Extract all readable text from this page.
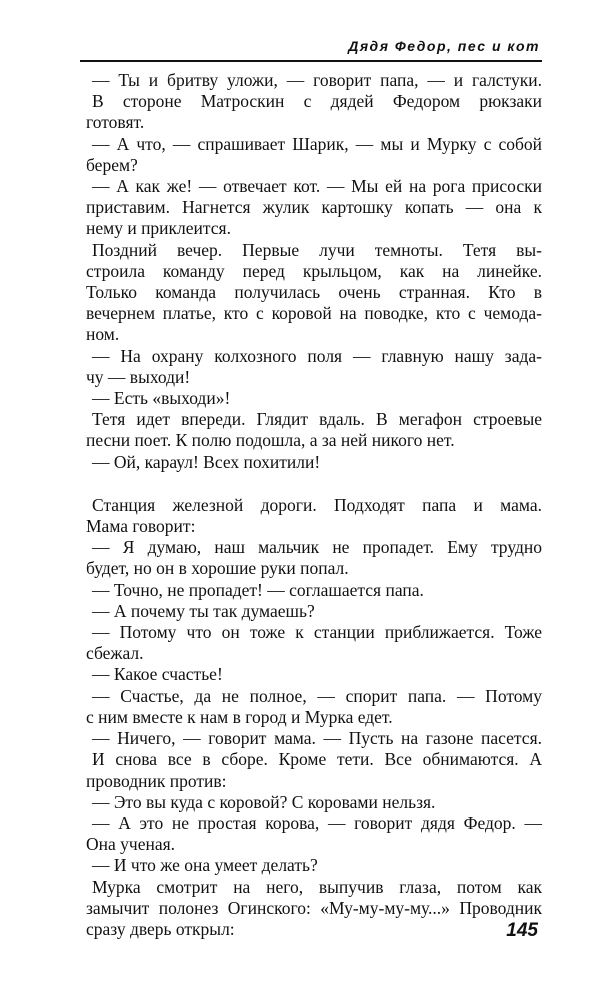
Дядя Федор, пес и кот
— Ты и бритву уложи, — говорит папа, — и галстуки.
В стороне Матроскин с дядей Федором рюкзаки
готовят.
— А что, — спрашивает Шарик, — мы и Мурку с собой
берем?
— А как же! — отвечает кот. — Мы ей на рога присоски
приставим. Нагнется жулик картошку копать — она к
нему и приклеится.
Поздний вечер. Первые лучи темноты. Тетя вы-
строила команду перед крыльцом, как на линейке.
Только команда получилась очень странная. Кто в
вечернем платье, кто с коровой на поводке, кто с чемода-
ном.
— На охрану колхозного поля — главную нашу зада-
чу — выходи!
— Есть «выходи»!
Тетя идет впереди. Глядит вдаль. В мегафон строевые
песни поет. К полю подошла, а за ней никого нет.
— Ой, караул! Всех похитили!
Станция железной дороги. Подходят папа и мама.
Мама говорит:
— Я думаю, наш мальчик не пропадет. Ему трудно
будет, но он в хорошие руки попал.
— Точно, не пропадет! — соглашается папа.
— А почему ты так думаешь?
— Потому что он тоже к станции приближается. Тоже
сбежал.
— Какое счастье!
— Счастье, да не полное, — спорит папа. — Потому
с ним вместе к нам в город и Мурка едет.
— Ничего, — говорит мама. — Пусть на газоне пасется.
И снова все в сборе. Кроме тети. Все обнимаются. А
проводник против:
— Это вы куда с коровой? С коровами нельзя.
— А это не простая корова, — говорит дядя Федор. —
Она ученая.
— И что же она умеет делать?
Мурка смотрит на него, выпучив глаза, потом как
замычит полонез Огинского: «Му-му-му-му...» Проводник
сразу дверь открыл:	145
